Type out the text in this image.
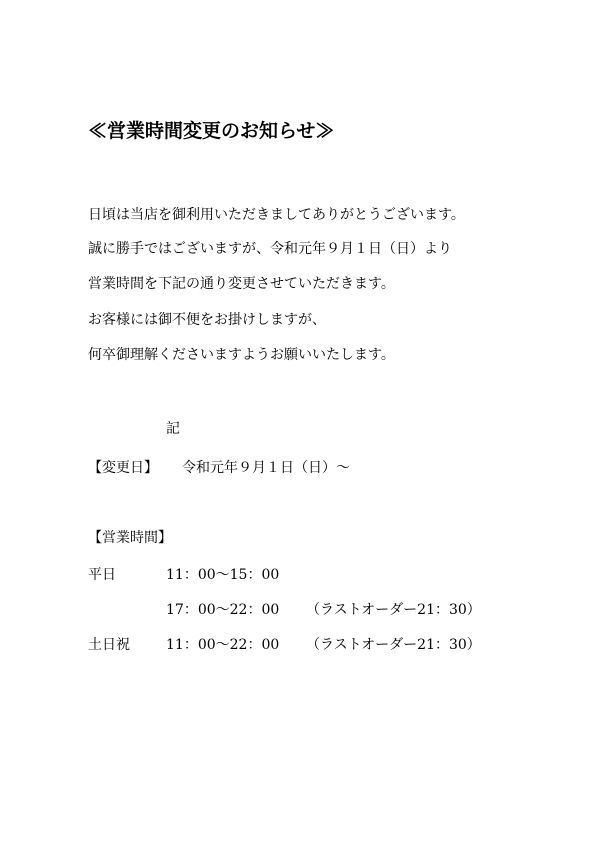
≪営業時間変更のお知らせ≫
日頃は当店を御利用いただきましてありがとうございます。
誠に勝手ではございますが、令和元年９月１日（日）より
営業時間を下記の通り変更させていただきます。
お客様には御不便をお掛けしますが、
何卒御理解くださいますようお願いいたします。
記
【変更日】 令和元年９月１日（日）～
【営業時間】
平日	11：00～15：00
17：00～22：00 （ラストオーダー21：30）
土日祝	11：00～22：00 （ラストオーダー21：30）
